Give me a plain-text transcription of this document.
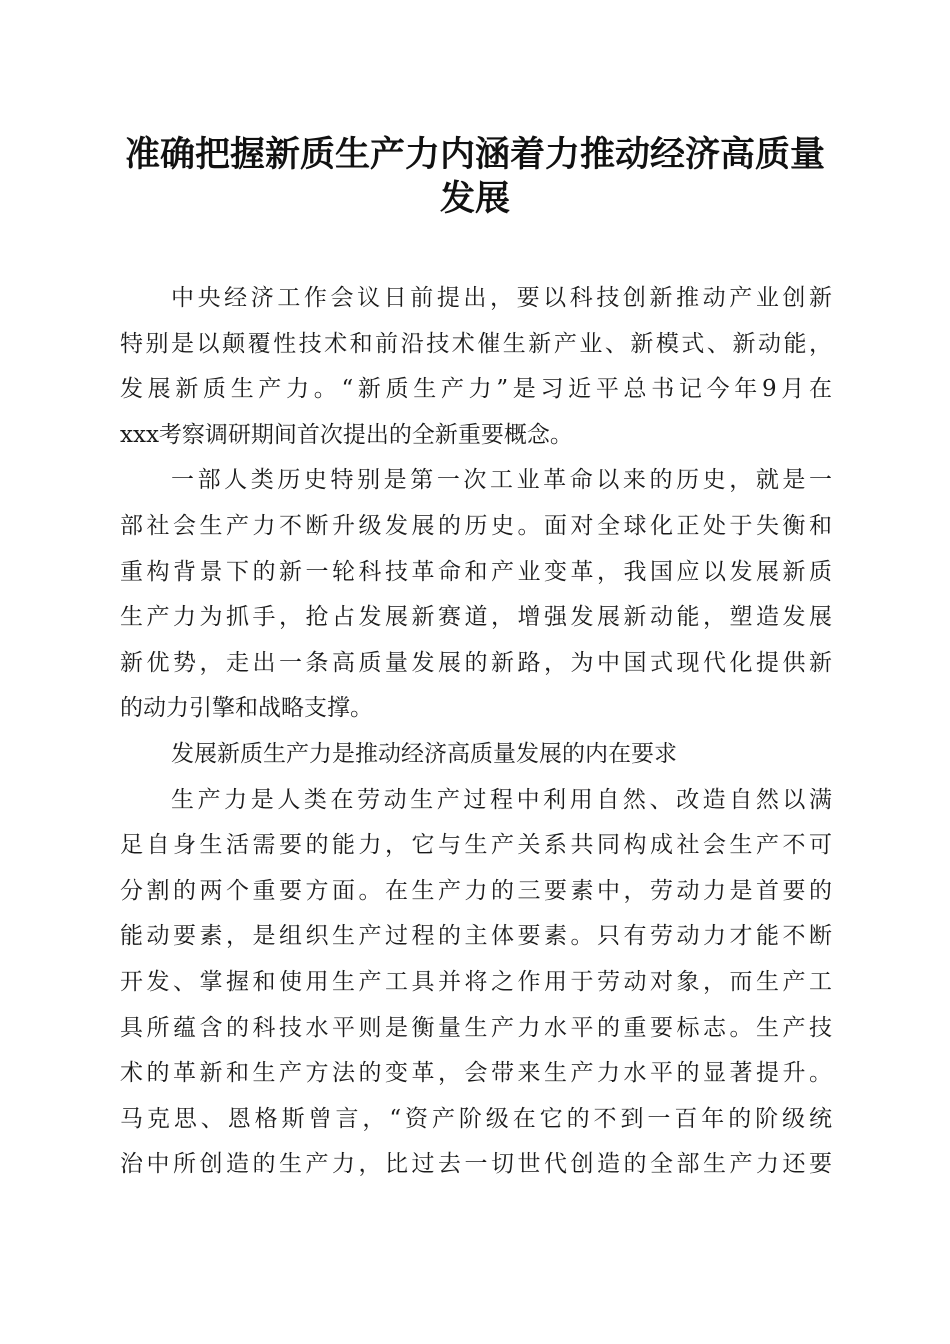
准确把握新质生产力内涵着力推动经济高质量
发展
中央经济工作会议日前提出，要以科技创新推动产业创新
特别是以颠覆性技术和前沿技术催生新产业、新模式、新动能，
发展新质生产力。“新质生产力”是习近平总书记今年9月在
xxx考察调研期间首次提出的全新重要概念。
一部人类历史特别是第一次工业革命以来的历史，就是一
部社会生产力不断升级发展的历史。面对全球化正处于失衡和
重构背景下的新一轮科技革命和产业变革，我国应以发展新质
生产力为抓手，抢占发展新赛道，增强发展新动能，塑造发展
新优势，走出一条高质量发展的新路，为中国式现代化提供新
的动力引擎和战略支撑。
发展新质生产力是推动经济高质量发展的内在要求
生产力是人类在劳动生产过程中利用自然、改造自然以满
足自身生活需要的能力，它与生产关系共同构成社会生产不可
分割的两个重要方面。在生产力的三要素中，劳动力是首要的
能动要素，是组织生产过程的主体要素。只有劳动力才能不断
开发、掌握和使用生产工具并将之作用于劳动对象，而生产工
具所蕴含的科技水平则是衡量生产力水平的重要标志。生产技
术的革新和生产方法的变革，会带来生产力水平的显著提升。
马克思、恩格斯曾言，“资产阶级在它的不到一百年的阶级统
治中所创造的生产力，比过去一切世代创造的全部生产力还要
